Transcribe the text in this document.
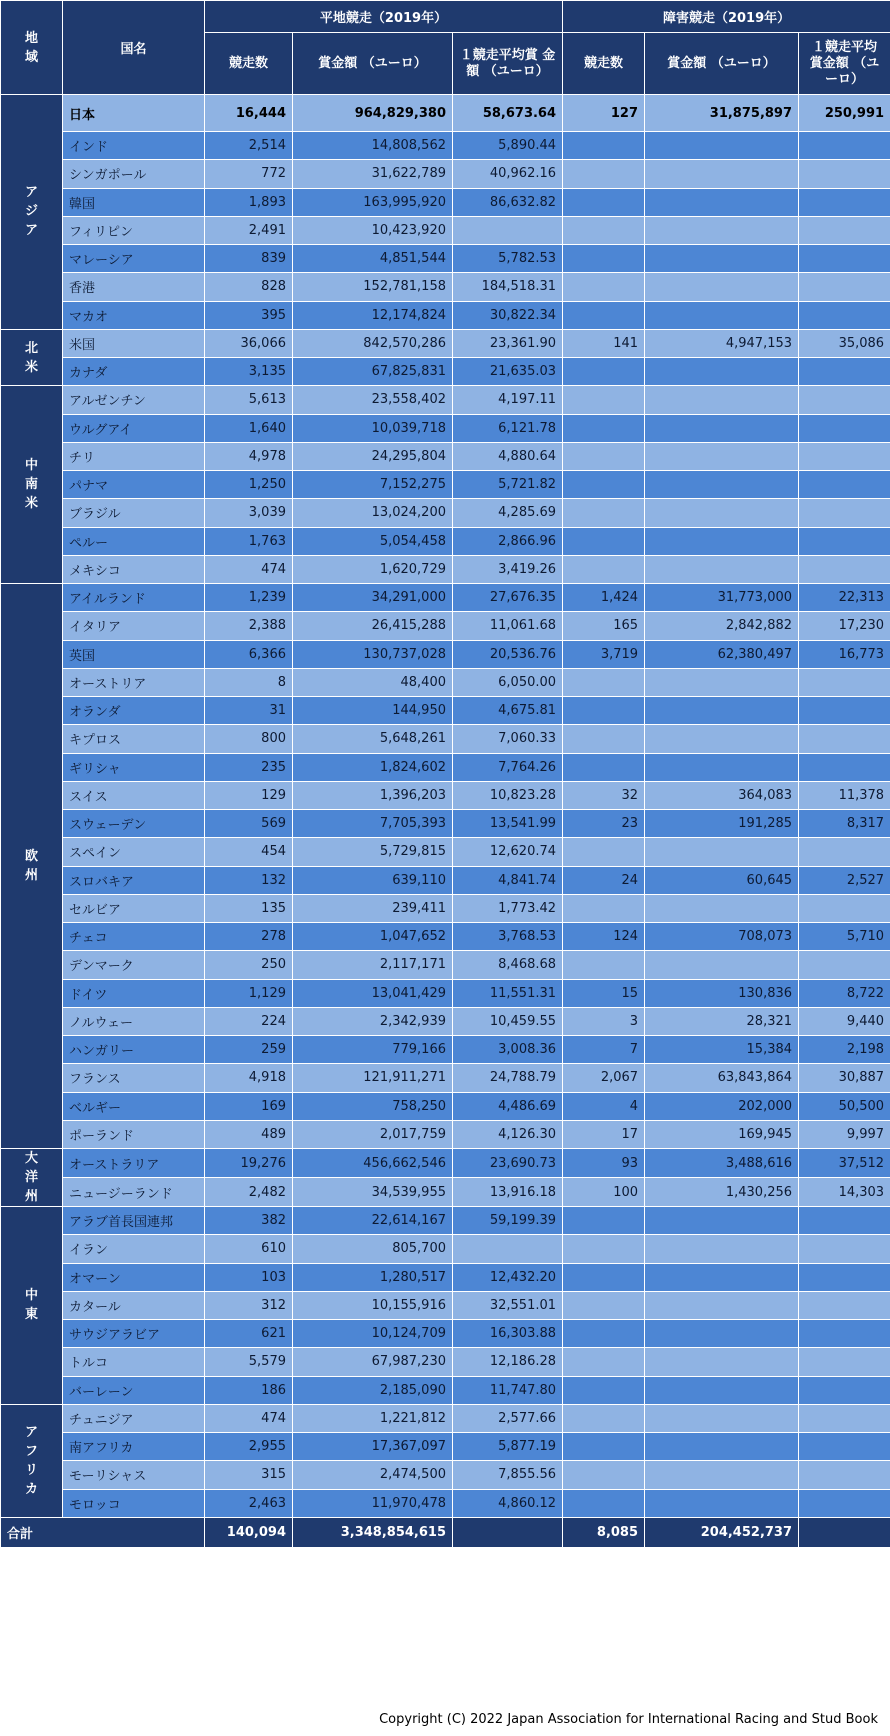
地域	国名	平地競走（2019年）			障害競走（2019年）		
		競走数	賞金額 （ユーロ）	１競走平均賞 金額 （ユーロ）	競走数	賞金額 （ユーロ）	１競走平均 賞金額 （ユーロ）
アジア	日本	16,444	964,829,380	58,673.64	127	31,875,897	250,991
	インド	2,514	14,808,562	5,890.44			
	シンガポール	772	31,622,789	40,962.16			
	韓国	1,893	163,995,920	86,632.82			
	フィリピン	2,491	10,423,920				
	マレーシア	839	4,851,544	5,782.53			
	香港	828	152,781,158	184,518.31			
	マカオ	395	12,174,824	30,822.34			
北米	米国	36,066	842,570,286	23,361.90	141	4,947,153	35,086
	カナダ	3,135	67,825,831	21,635.03			
中南米	アルゼンチン	5,613	23,558,402	4,197.11			
	ウルグアイ	1,640	10,039,718	6,121.78			
	チリ	4,978	24,295,804	4,880.64			
	パナマ	1,250	7,152,275	5,721.82			
	ブラジル	3,039	13,024,200	4,285.69			
	ペルー	1,763	5,054,458	2,866.96			
	メキシコ	474	1,620,729	3,419.26			
欧州	アイルランド	1,239	34,291,000	27,676.35	1,424	31,773,000	22,313
	イタリア	2,388	26,415,288	11,061.68	165	2,842,882	17,230
	英国	6,366	130,737,028	20,536.76	3,719	62,380,497	16,773
	オーストリア	8	48,400	6,050.00			
	オランダ	31	144,950	4,675.81			
	キプロス	800	5,648,261	7,060.33			
	ギリシャ	235	1,824,602	7,764.26			
	スイス	129	1,396,203	10,823.28	32	364,083	11,378
	スウェーデン	569	7,705,393	13,541.99	23	191,285	8,317
	スペイン	454	5,729,815	12,620.74			
	スロバキア	132	639,110	4,841.74	24	60,645	2,527
	セルビア	135	239,411	1,773.42			
	チェコ	278	1,047,652	3,768.53	124	708,073	5,710
	デンマーク	250	2,117,171	8,468.68			
	ドイツ	1,129	13,041,429	11,551.31	15	130,836	8,722
	ノルウェー	224	2,342,939	10,459.55	3	28,321	9,440
	ハンガリー	259	779,166	3,008.36	7	15,384	2,198
	フランス	4,918	121,911,271	24,788.79	2,067	63,843,864	30,887
	ベルギー	169	758,250	4,486.69	4	202,000	50,500
	ポーランド	489	2,017,759	4,126.30	17	169,945	9,997
大洋州	オーストラリア	19,276	456,662,546	23,690.73	93	3,488,616	37,512
	ニュージーランド	2,482	34,539,955	13,916.18	100	1,430,256	14,303
中東	アラブ首長国連邦	382	22,614,167	59,199.39			
	イラン	610	805,700				
	オマーン	103	1,280,517	12,432.20			
	カタール	312	10,155,916	32,551.01			
	サウジアラビア	621	10,124,709	16,303.88			
	トルコ	5,579	67,987,230	12,186.28			
	バーレーン	186	2,185,090	11,747.80			
アフリカ	チュニジア	474	1,221,812	2,577.66			
	南アフリカ	2,955	17,367,097	5,877.19			
	モーリシャス	315	2,474,500	7,855.56			
	モロッコ	2,463	11,970,478	4,860.12			
合計		140,094	3,348,854,615		8,085	204,452,737	
Copyright (C) 2022 Japan Association for International Racing and Stud Book
